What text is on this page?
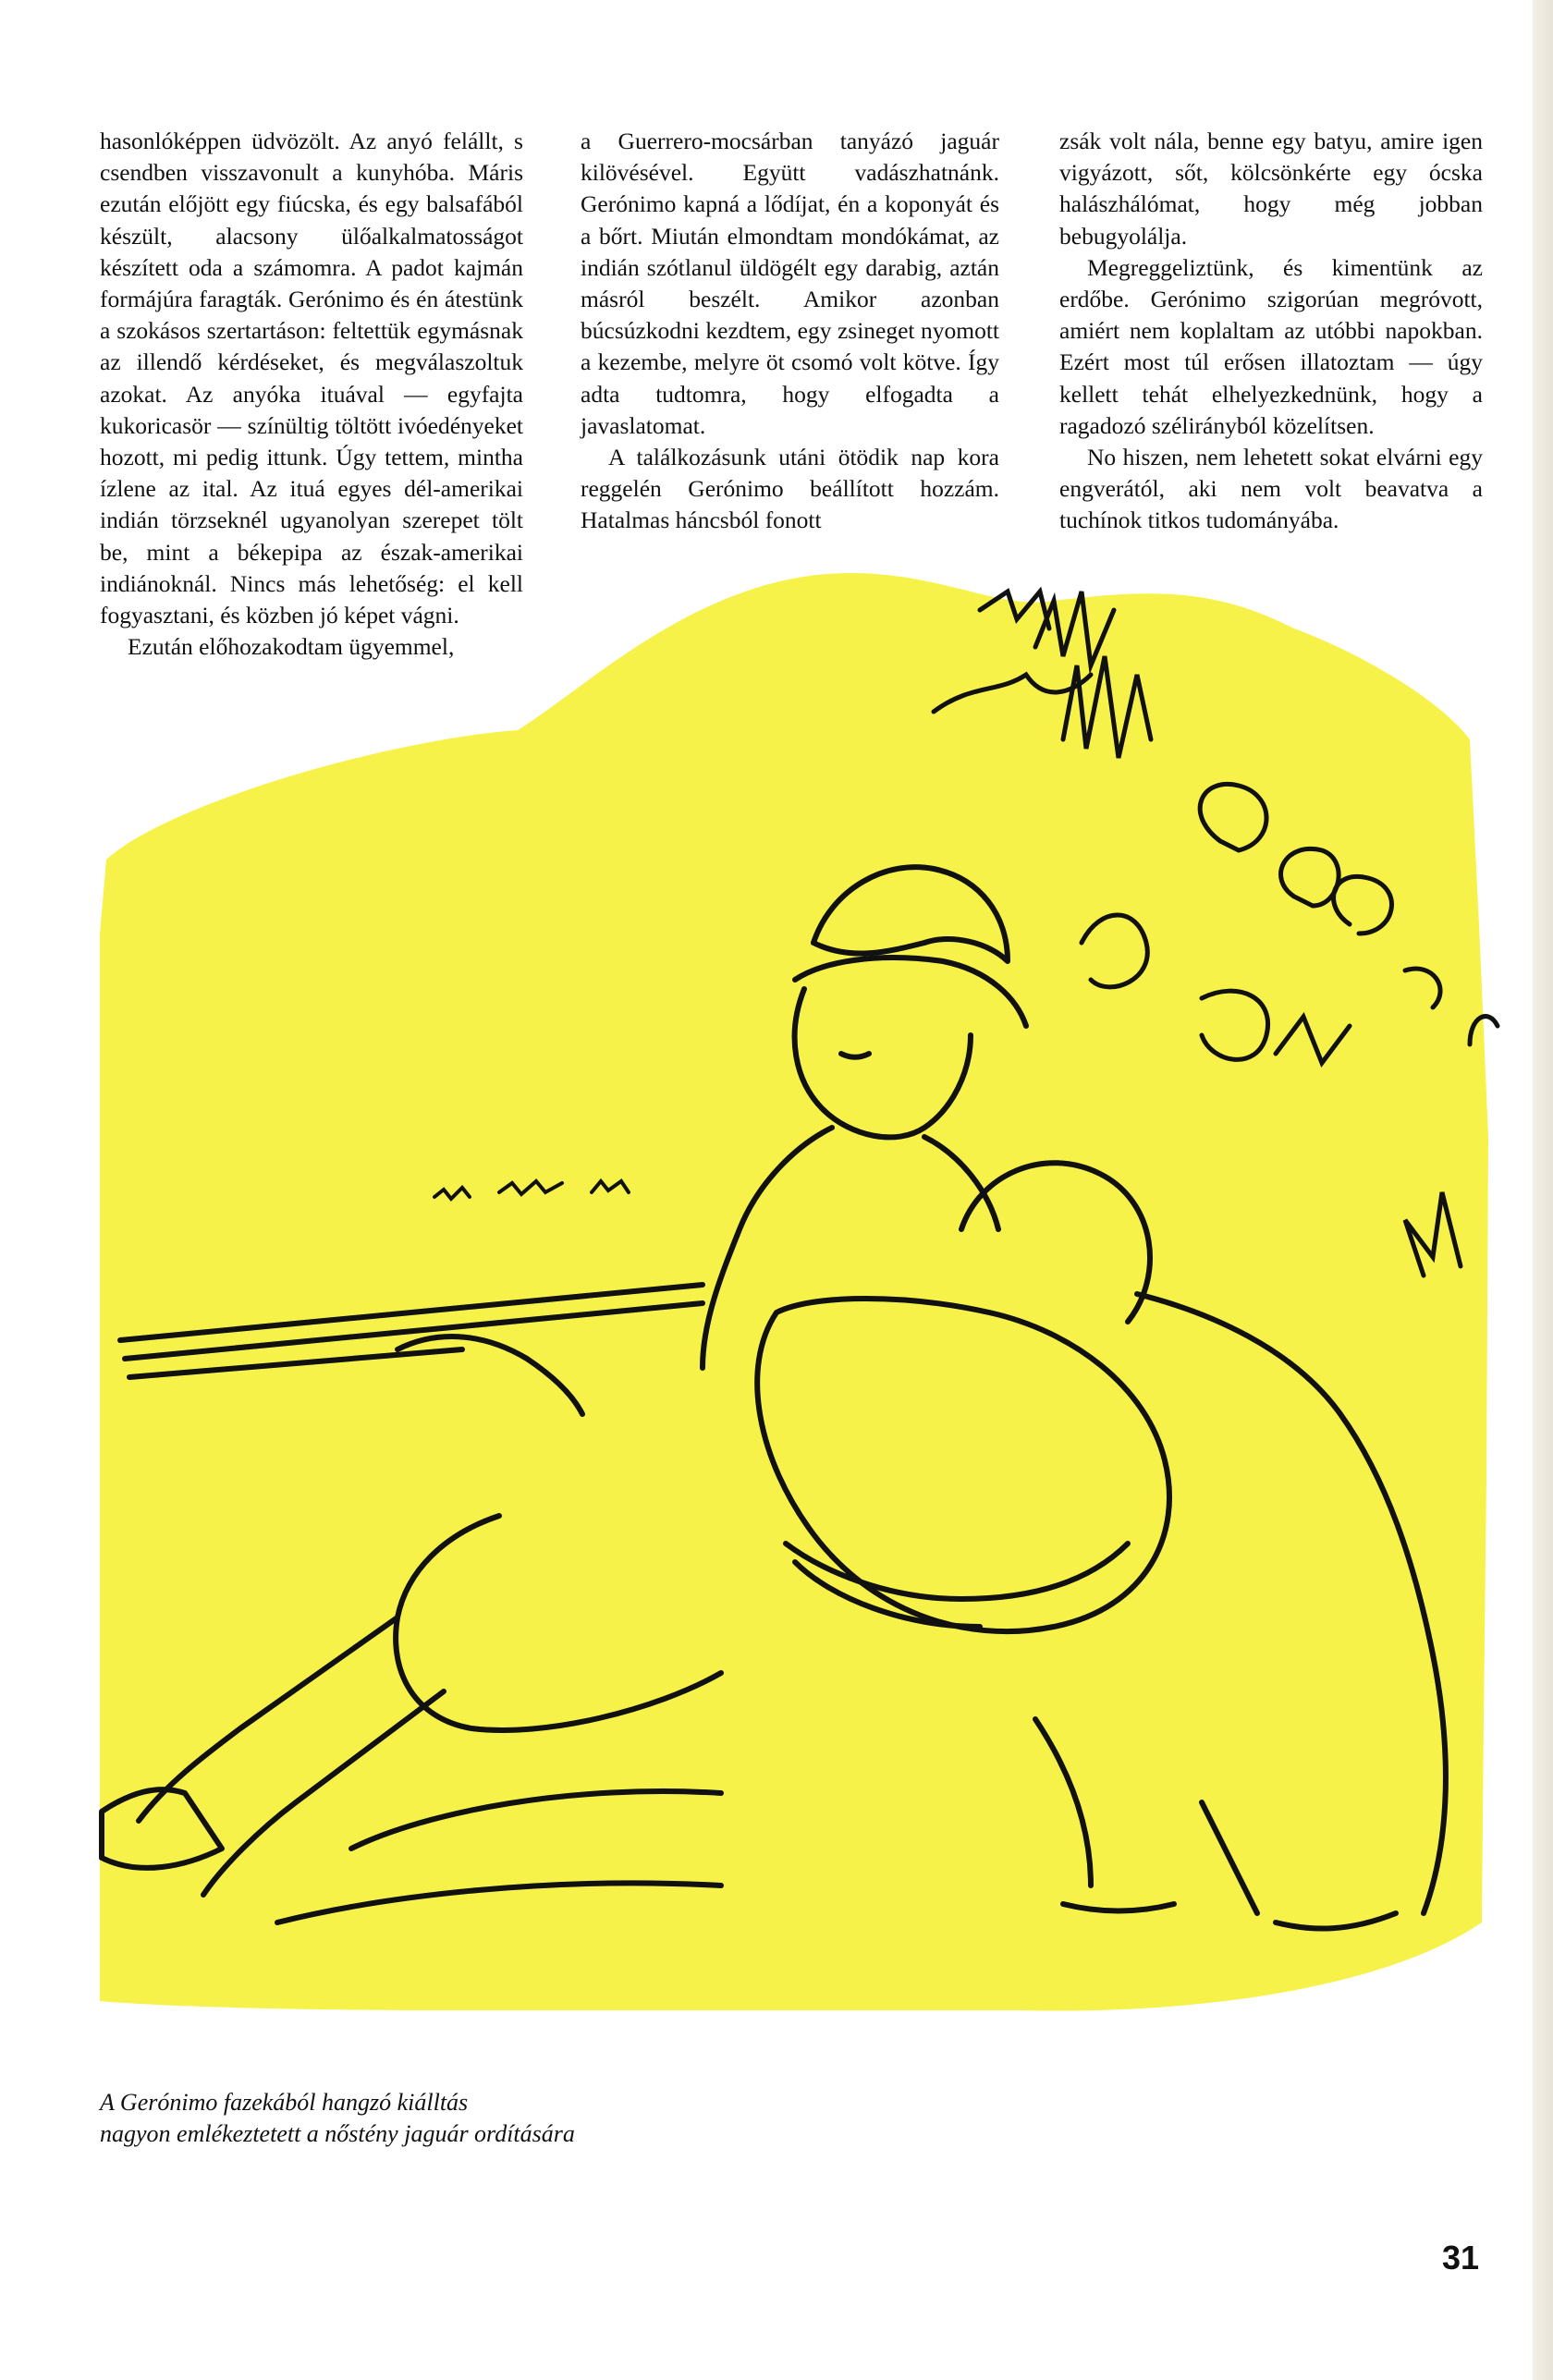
hasonlóképpen üdvözölt. Az anyó felállt, s csendben visszavonult a kunyhóba. Máris ezután előjött egy fiúcska, és egy balsafából készült, alacsony ülőalkalmatosságot készített oda a számomra. A padot kajmán formájúra faragták. Gerónimo és én átestünk a szokásos szertartáson: feltettük egymásnak az illendő kérdéseket, és megválaszoltuk azokat. Az anyóka ituával — egyfajta kukoricasör — színültig töltött ivóedényeket hozott, mi pedig ittunk. Úgy tettem, mintha ízlene az ital. Az ituá egyes dél-amerikai indián törzseknél ugyanolyan szerepet tölt be, mint a békepipa az észak-amerikai indiánoknál. Nincs más lehetőség: el kell fogyasztani, és közben jó képet vágni.

Ezután előhozakodtam ügyemmel,

a Guerrero-mocsárban tanyázó jaguár kilövésével. Együtt vadászhatnánk. Gerónimo kapná a lődíjat, én a koponyát és a bőrt. Miután elmondtam mondókámat, az indián szótlanul üldögélt egy darabig, aztán másról beszélt. Amikor azonban búcsúzkodni kezdtem, egy zsineget nyomott a kezembe, melyre öt csomó volt kötve. Így adta tudtomra, hogy elfogadta a javaslatomat.

A találkozásunk utáni ötödik nap kora reggelén Gerónimo beállított hozzám. Hatalmas háncsból fonott

zsák volt nála, benne egy batyu, amire igen vigyázott, sőt, kölcsönkérte egy ócska halászhálómat, hogy még jobban bebugyolálja.

Megreggeliztünk, és kimentünk az erdőbe. Gerónimo szigorúan megróvott, amiért nem koplaltam az utóbbi napokban. Ezért most túl erősen illatoztam — úgy kellett tehát elhelyezkednünk, hogy a ragadozó szélirányból közelítsen.

No hiszen, nem lehetett sokat elvárni egy engverától, aki nem volt beavatva a tuchínok titkos tudományába.

A Gerónimo fazekából hangzó kiálltás
nagyon emlékeztetett a nőstény jaguár ordítására
31
